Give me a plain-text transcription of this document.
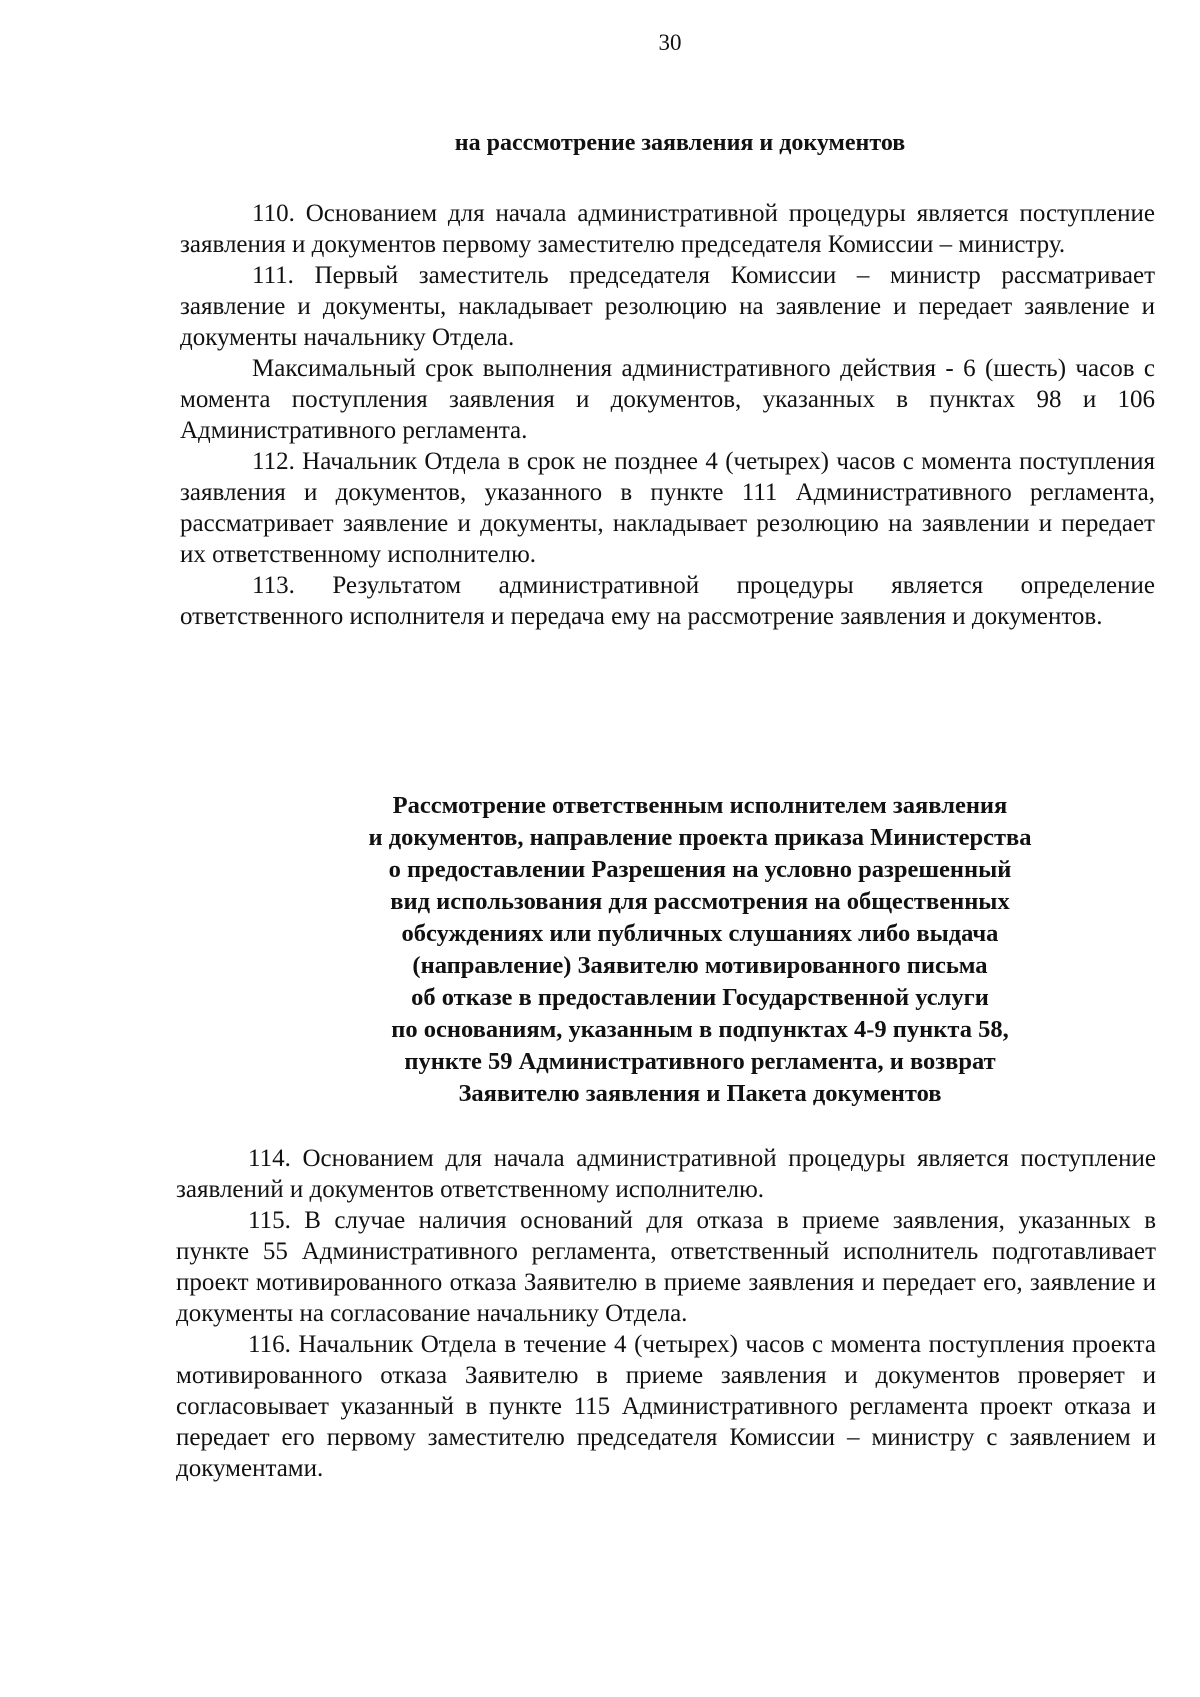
30
на рассмотрение заявления и документов

110. Основанием для начала административной процедуры является поступление заявления и документов первому заместителю председателя Комиссии – министру.

111. Первый заместитель председателя Комиссии – министр рассматривает заявление и документы, накладывает резолюцию на заявление и передает заявление и документы начальнику Отдела.

Максимальный срок выполнения административного действия - 6 (шесть) часов с момента поступления заявления и документов, указанных в пунктах 98 и 106 Административного регламента.

112. Начальник Отдела в срок не позднее 4 (четырех) часов с момента поступления заявления и документов, указанного в пункте 111 Административного регламента, рассматривает заявление и документы, накладывает резолюцию на заявлении и передает их ответственному исполнителю.

113. Результатом административной процедуры является определение ответственного исполнителя и передача ему на рассмотрение заявления и документов.

Рассмотрение ответственным исполнителем заявления
и документов, направление проекта приказа Министерства
о предоставлении Разрешения на условно разрешенный
вид использования для рассмотрения на общественных
обсуждениях или публичных слушаниях либо выдача
(направление) Заявителю мотивированного письма
об отказе в предоставлении Государственной услуги
по основаниям, указанным в подпунктах 4-9 пункта 58,
пункте 59 Административного регламента, и возврат
Заявителю заявления и Пакета документов

114. Основанием для начала административной процедуры является поступление заявлений и документов ответственному исполнителю.

115. В случае наличия оснований для отказа в приеме заявления, указанных в пункте 55 Административного регламента, ответственный исполнитель подготавливает проект мотивированного отказа Заявителю в приеме заявления и передает его, заявление и документы на согласование начальнику Отдела.

116. Начальник Отдела в течение 4 (четырех) часов с момента поступления проекта мотивированного отказа Заявителю в приеме заявления и документов проверяет и согласовывает указанный в пункте 115 Административного регламента проект отказа и передает его первому заместителю председателя Комиссии – министру с заявлением и документами.
